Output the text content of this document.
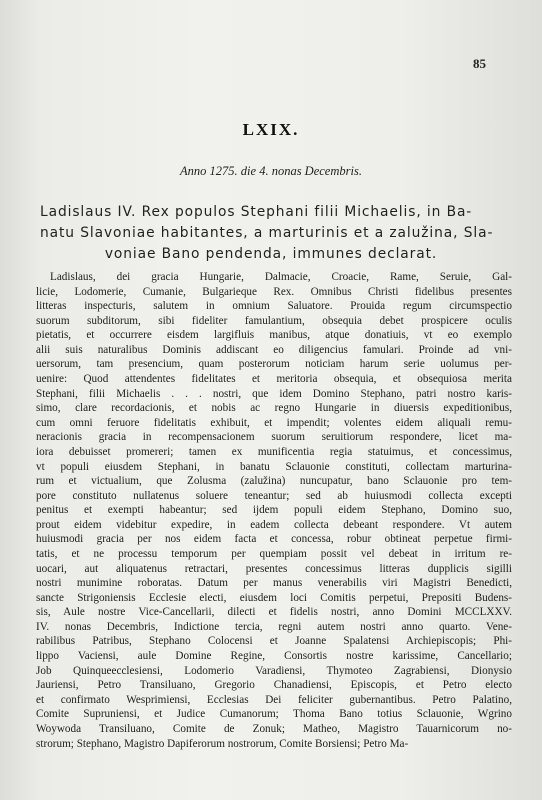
85
LXIX.
Anno 1275. die 4. nonas Decembris.
Ladislaus IV. Rex populos Stephani filii Michaelis, in Ba-
natu Slavoniae habitantes, a marturinis et a zalužina, Sla-
voniae Bano pendenda, immunes declarat.
Ladislaus, dei gracia Hungarie, Dalmacie, Croacie, Rame, Seruie, Gal-
licie, Lodomerie, Cumanie, Bulgarieque Rex. Omnibus Christi fidelibus presentes
litteras inspecturis, salutem in omnium Saluatore. Prouida regum circumspectio
suorum subditorum, sibi fideliter famulantium, obsequia debet prospicere oculis
pietatis, et occurrere eisdem largifluis manibus, atque donatiuis, vt eo exemplo
alii suis naturalibus Dominis addiscant eo diligencius famulari. Proinde ad vni-
uersorum, tam presencium, quam posterorum noticiam harum serie uolumus per-
uenire: Quod attendentes fidelitates et meritoria obsequia, et obsequiosa merita
Stephani, filii Michaelis . . . nostri, que idem Domino Stephano, patri nostro karis-
simo, clare recordacionis, et nobis ac regno Hungarie in diuersis expeditionibus,
cum omni feruore fidelitatis exhibuit, et impendit; volentes eidem aliquali remu-
neracionis gracia in recompensacionem suorum seruitiorum respondere, licet ma-
iora debuisset promereri; tamen ex munificentia regia statuimus, et concessimus,
vt populi eiusdem Stephani, in banatu Sclauonie constituti, collectam marturina-
rum et victualium, que Zolusma (zalužina) nuncupatur, bano Sclauonie pro tem-
pore constituto nullatenus soluere teneantur; sed ab huiusmodi collecta excepti
penitus et exempti habeantur; sed ijdem populi eidem Stephano, Domino suo,
prout eidem videbitur expedire, in eadem collecta debeant respondere. Vt autem
huiusmodi gracia per nos eidem facta et concessa, robur obtineat perpetue firmi-
tatis, et ne processu temporum per quempiam possit vel debeat in irritum re-
uocari, aut aliquatenus retractari, presentes concessimus litteras dupplicis sigilli
nostri munimine roboratas. Datum per manus venerabilis viri Magistri Benedicti,
sancte Strigoniensis Ecclesie electi, eiusdem loci Comitis perpetui, Prepositi Budens-
sis, Aule nostre Vice-Cancellarii, dilecti et fidelis nostri, anno Domini MCCLXXV.
IV. nonas Decembris, Indictione tercia, regni autem nostri anno quarto. Vene-
rabilibus Patribus, Stephano Colocensi et Joanne Spalatensi Archiepiscopis; Phi-
lippo Vaciensi, aule Domine Regine, Consortis nostre karissime, Cancellario;
Job Quinqueecclesiensi, Lodomerio Varadiensi, Thymoteo Zagrabiensi, Dionysio
Jauriensi, Petro Transiluano, Gregorio Chanadiensi, Episcopis, et Petro electo
et confirmato Wesprimiensi, Ecclesias Dei feliciter gubernantibus. Petro Palatino,
Comite Supruniensi, et Judice Cumanorum; Thoma Bano totius Sclauonie, Wgrino
Woywoda Transiluano, Comite de Zonuk; Matheo, Magistro Tauarnicorum no-
strorum; Stephano, Magistro Dapiferorum nostrorum, Comite Borsiensi; Petro Ma-
